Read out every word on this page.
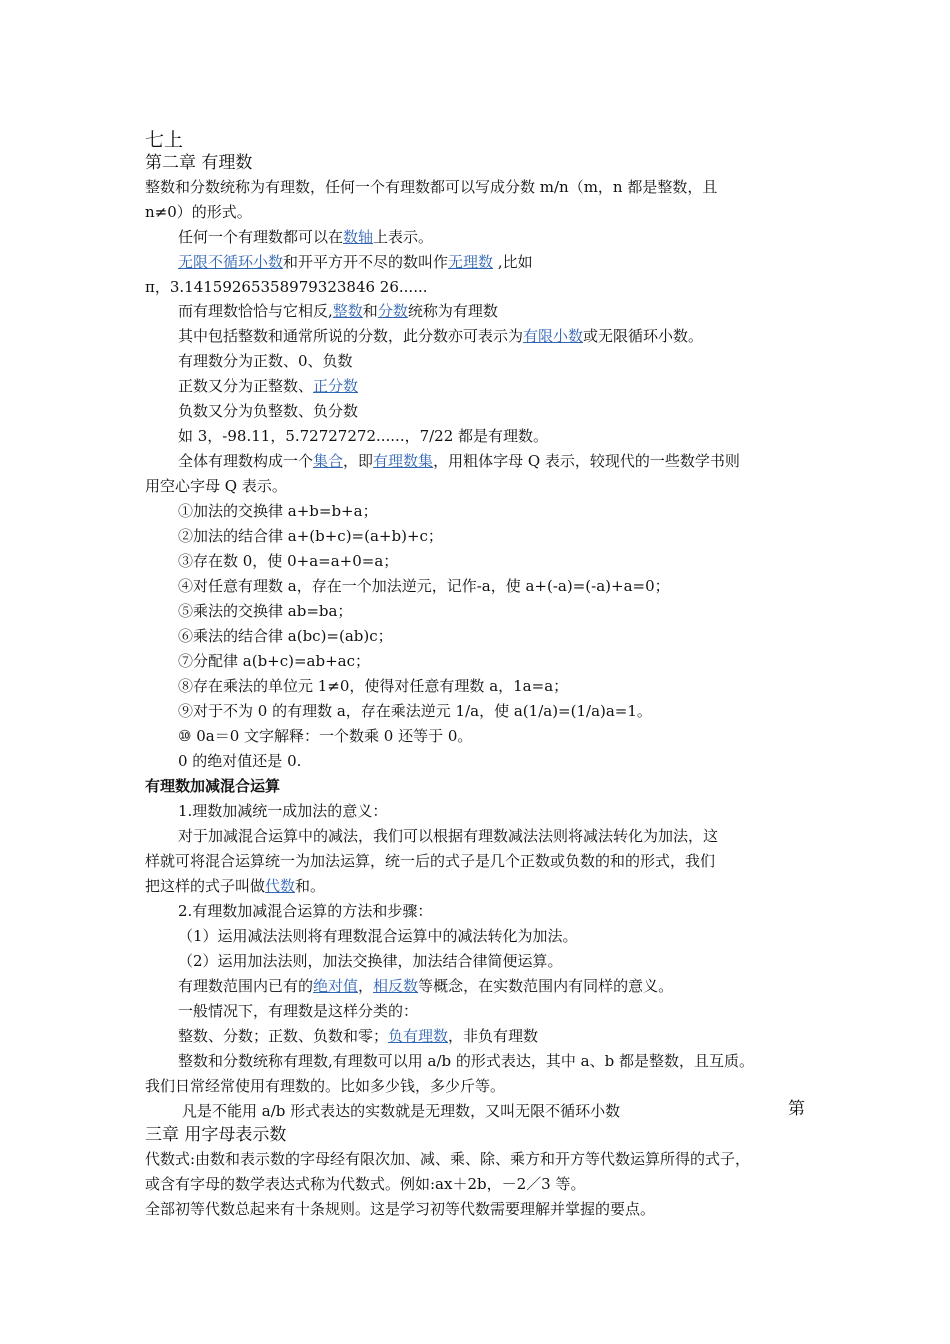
七上
第二章 有理数
整数和分数统称为有理数，任何一个有理数都可以写成分数 m/n（m，n 都是整数，且
n≠0）的形式。
任何一个有理数都可以在数轴上表示。
无限不循环小数和开平方开不尽的数叫作无理数 ,比如
π，3.14159265358979323846 26......
而有理数恰恰与它相反,整数和分数统称为有理数
其中包括整数和通常所说的分数，此分数亦可表示为有限小数或无限循环小数。
有理数分为正数、0、负数
正数又分为正整数、正分数
负数又分为负整数、负分数
如 3，-98.11，5.72727272......，7/22 都是有理数。
全体有理数构成一个集合，即有理数集，用粗体字母 Q 表示，较现代的一些数学书则
用空心字母 Q 表示。
①加法的交换律 a+b=b+a；
②加法的结合律 a+(b+c)=(a+b)+c；
③存在数 0，使 0+a=a+0=a；
④对任意有理数 a，存在一个加法逆元，记作-a，使 a+(-a)=(-a)+a=0；
⑤乘法的交换律 ab=ba；
⑥乘法的结合律 a(bc)=(ab)c；
⑦分配律 a(b+c)=ab+ac；
⑧存在乘法的单位元 1≠0，使得对任意有理数 a，1a=a；
⑨对于不为 0 的有理数 a，存在乘法逆元 1/a，使 a(1/a)=(1/a)a=1。
⑩ 0a＝0 文字解释：一个数乘 0 还等于 0。
0 的绝对值还是 0.
有理数加减混合运算
1.理数加减统一成加法的意义：
对于加减混合运算中的减法，我们可以根据有理数减法法则将减法转化为加法，这
样就可将混合运算统一为加法运算，统一后的式子是几个正数或负数的和的形式，我们
把这样的式子叫做代数和。
2.有理数加减混合运算的方法和步骤：
（1）运用减法法则将有理数混合运算中的减法转化为加法。
（2）运用加法法则，加法交换律，加法结合律简便运算。
有理数范围内已有的绝对值，相反数等概念，在实数范围内有同样的意义。
一般情况下，有理数是这样分类的：
整数、分数；正数、负数和零；负有理数，非负有理数
整数和分数统称有理数,有理数可以用 a/b 的形式表达，其中 a、b 都是整数，且互质。
我们日常经常使用有理数的。比如多少钱，多少斤等。
凡是不能用 a/b 形式表达的实数就是无理数，又叫无限不循环小数	第
三章 用字母表示数
代数式:由数和表示数的字母经有限次加、减、乘、除、乘方和开方等代数运算所得的式子，
或含有字母的数学表达式称为代数式。例如:ax＋2b，－2／3 等。
全部初等代数总起来有十条规则。这是学习初等代数需要理解并掌握的要点。
